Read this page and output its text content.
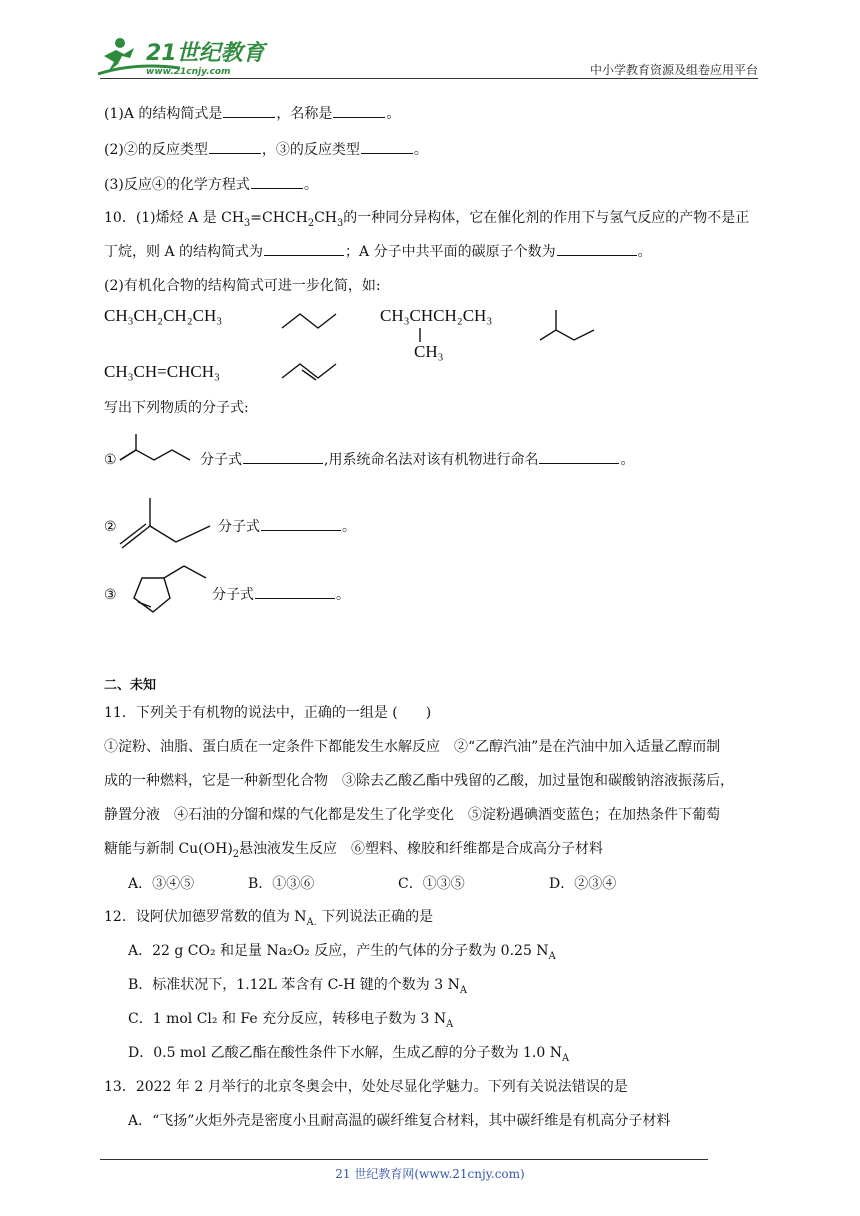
21世纪教育
www.21cnjy.com	中小学教育资源及组卷应用平台
(1)A 的结构简式是	，名称是	。
(2)②的反应类型	，③的反应类型	。
(3)反应④的化学方程式	。
10．(1)烯烃 A 是 $CH_3=CHCH_2CH_3$的一种同分异构体，它在催化剂的作用下与氢气反应的产物不是正
丁烷，则 A 的结构简式为	；A 分子中共平面的碳原子个数为	。
(2)有机化合物的结构简式可进一步化简，如:
CH₃CH₂CH₂CH₃	CH₃CHCH₂CH₃
CH₃
CH₃CH=CHCH₃
写出下列物质的分子式:
①	分子式	,用系统命名法对该有机物进行命名	。
②	分子式	。
③	分子式	。
二、未知
11．下列关于有机物的说法中，正确的一组是 (　　)
①淀粉、油脂、蛋白质在一定条件下都能发生水解反应　②“乙醇汽油”是在汽油中加入适量乙醇而制
成的一种燃料，它是一种新型化合物　③除去乙酸乙酯中残留的乙酸，加过量饱和碳酸钠溶液振荡后，
静置分液　④石油的分馏和煤的气化都是发生了化学变化　⑤淀粉遇碘酒变蓝色；在加热条件下葡萄
糖能与新制 $Cu(OH)_2$悬浊液发生反应　⑥塑料、橡胶和纤维都是合成高分子材料
A．③④⑤	B．①③⑥	C．①③⑤	D．②③④
12．设阿伏加德罗常数的值为 $N_{A.}$ 下列说法正确的是
A．22 g CO₂ 和足量 Na₂O₂ 反应，产生的气体的分子数为 0.25 $N_A$
B．标准状况下，1.12L 苯含有 C-H 键的个数为 3 $N_A$
C．1 mol Cl₂ 和 Fe 充分反应，转移电子数为 3 $N_A$
D．0.5 mol 乙酸乙酯在酸性条件下水解，生成乙醇的分子数为 1.0 $N_A$
13．2022 年 2 月举行的北京冬奥会中，处处尽显化学魅力。下列有关说法错误的是
A．“飞扬”火炬外壳是密度小且耐高温的碳纤维复合材料，其中碳纤维是有机高分子材料
21 世纪教育网(www.21cnjy.com)
